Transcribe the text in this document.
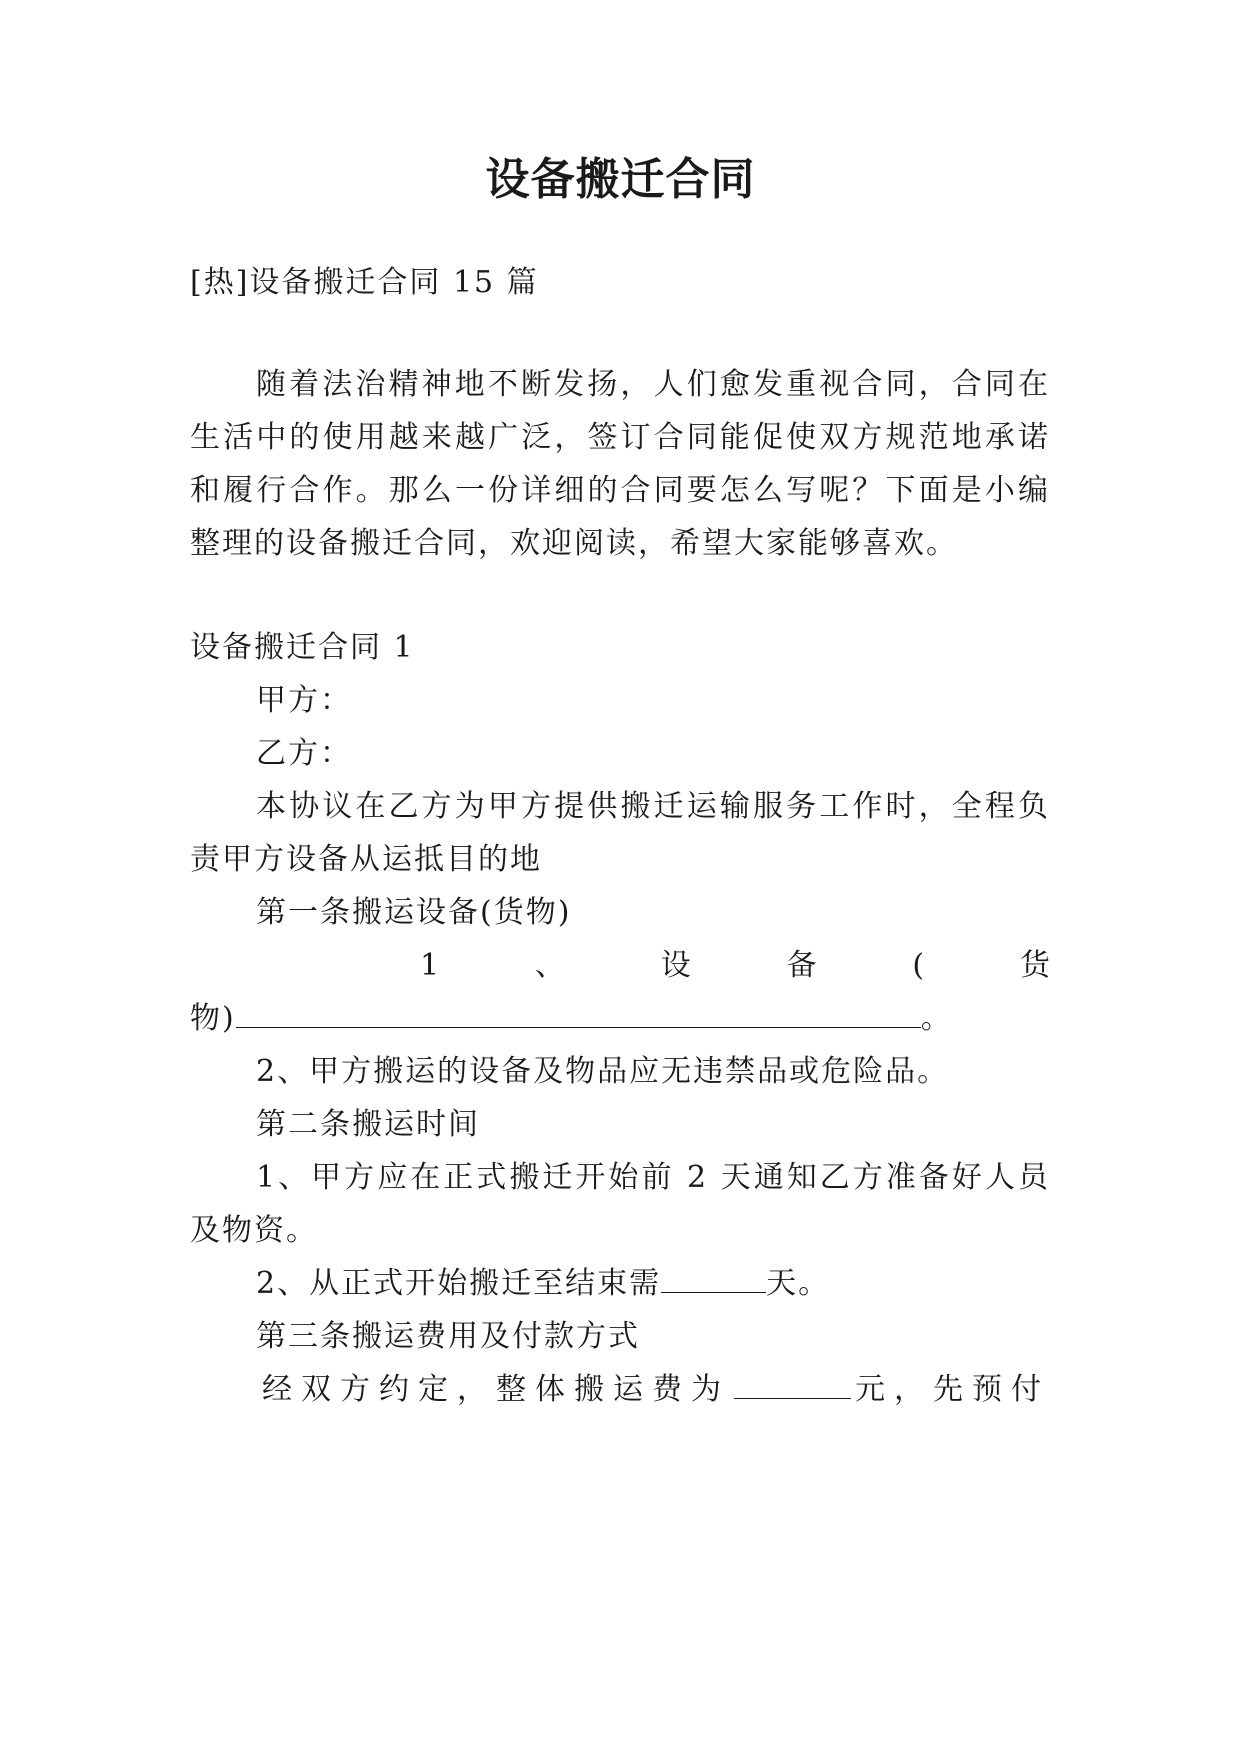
设备搬迁合同
[热]设备搬迁合同 15 篇
随着法治精神地不断发扬，人们愈发重视合同，合同在
生活中的使用越来越广泛，签订合同能促使双方规范地承诺
和履行合作。那么一份详细的合同要怎么写呢？下面是小编
整理的设备搬迁合同，欢迎阅读，希望大家能够喜欢。
设备搬迁合同 1
甲方：
乙方：
本协议在乙方为甲方提供搬迁运输服务工作时，全程负
责甲方设备从运抵目的地
第一条搬运设备(货物)
1	、	设	备	(	货
物)	。
2、甲方搬运的设备及物品应无违禁品或危险品。
第二条搬运时间
1、甲方应在正式搬迁开始前 2 天通知乙方准备好人员
及物资。
2、从正式开始搬迁至结束需	天。
第三条搬运费用及付款方式
经双方约定，整体搬运费为	元，先预付
